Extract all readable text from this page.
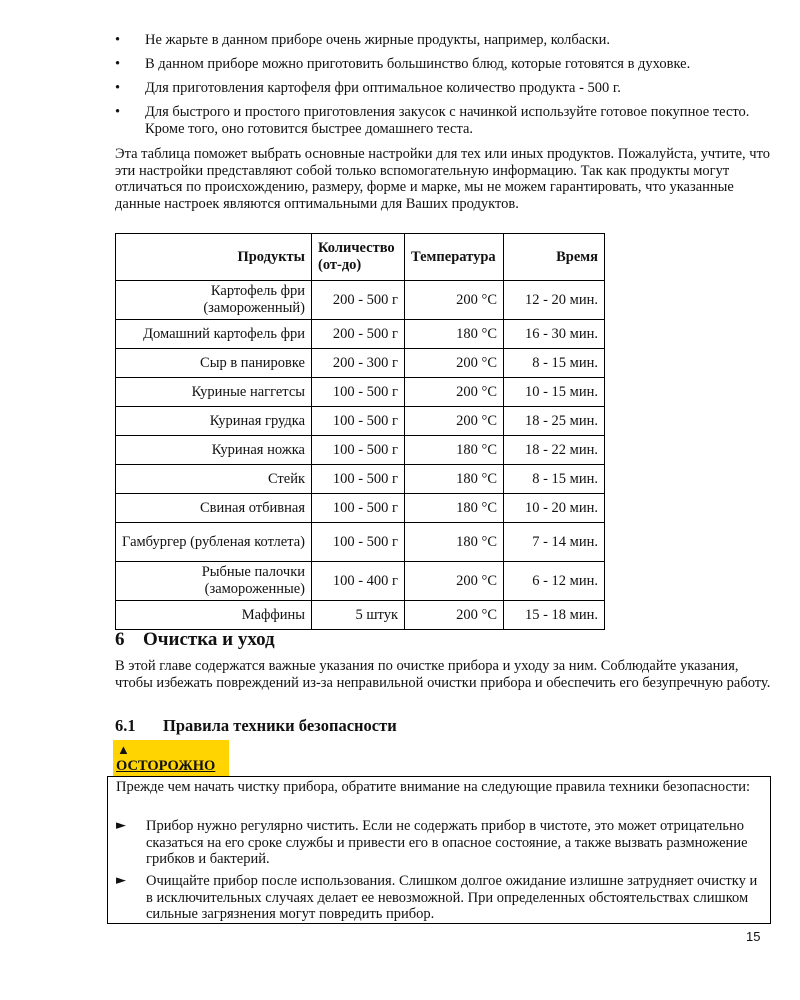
• Не жарьте в данном приборе очень жирные продукты, например, колбаски.
• В данном приборе можно приготовить большинство блюд, которые готовятся в духовке.
• Для приготовления картофеля фри оптимальное количество продукта - 500 г.
• Для быстрого и простого приготовления закусок с начинкой используйте готовое покупное тесто. Кроме того, оно готовится быстрее домашнего теста.

Эта таблица поможет выбрать основные настройки для тех или иных продуктов. Пожалуйста, учтите, что эти настройки представляют собой только вспомогательную информацию. Так как продукты могут отличаться по происхождению, размеру, форме и марке, мы не можем гарантировать, что указанные данные настроек являются оптимальными для Ваших продуктов.

Продукты	Количество (от-до)	Температура	Время
Картофель фри (замороженный)	200 - 500 г	200 °C	12 - 20 мин.
Домашний картофель фри	200 - 500 г	180 °C	16 - 30 мин.
Сыр в панировке	200 - 300 г	200 °C	8 - 15 мин.
Куриные наггетсы	100 - 500 г	200 °C	10 - 15 мин.
Куриная грудка	100 - 500 г	200 °C	18 - 25 мин.
Куриная ножка	100 - 500 г	180 °C	18 - 22 мин.
Стейк	100 - 500 г	180 °C	8 - 15 мин.
Свиная отбивная	100 - 500 г	180 °C	10 - 20 мин.
Гамбургер (рубленая котлета)	100 - 500 г	180 °C	7 - 14 мин.
Рыбные палочки (замороженные)	100 - 400 г	200 °C	6 - 12 мин.
Маффины	5 штук	200 °C	15 - 18 мин.
6 Очистка и уход

В этой главе содержатся важные указания по очистке прибора и уходу за ним. Соблюдайте указания, чтобы избежать повреждений из-за неправильной очистки прибора и обеспечить его безупречную работу.

6.1 Правила техники безопасности
▲
ОСТОРОЖНО

Прежде чем начать чистку прибора, обратите внимание на следующие правила техники безопасности:

► Прибор нужно регулярно чистить. Если не содержать прибор в чистоте, это может отрицательно сказаться на его сроке службы и привести его в опасное состояние, а также вызвать размножение грибков и бактерий.
► Очищайте прибор после использования. Слишком долгое ожидание излишне затрудняет очистку и в исключительных случаях делает ее невозможной. При определенных обстоятельствах слишком сильные загрязнения могут повредить прибор.
15
